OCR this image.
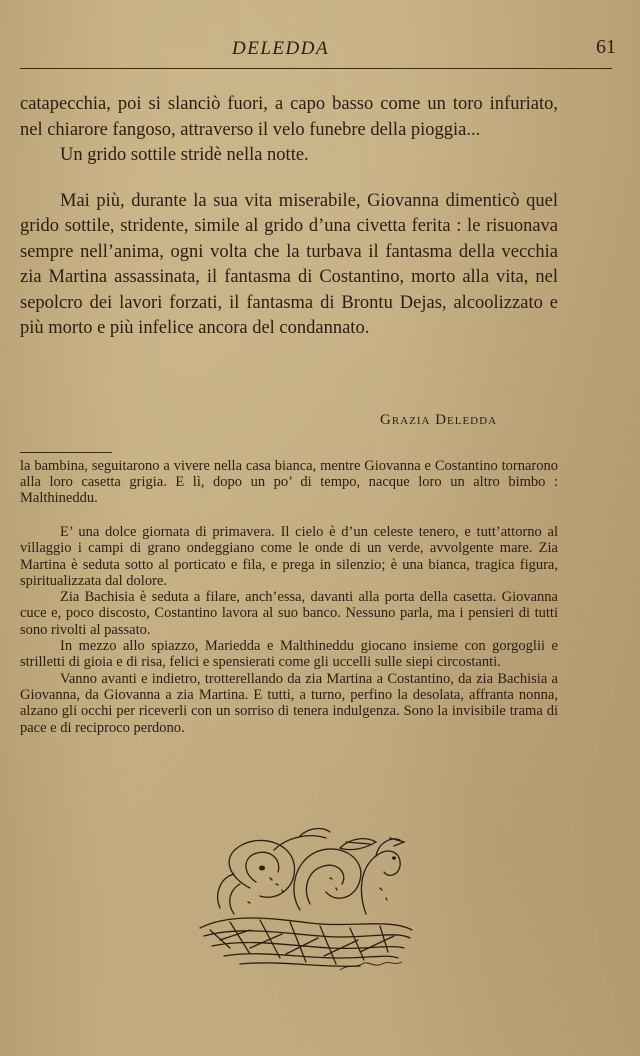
DELEDDA	61

catapecchia, poi si slanciò fuori, a capo basso come un toro infuriato, nel chiarore fangoso, attraverso il velo funebre della pioggia...

Un grido sottile stridè nella notte.

Mai più, durante la sua vita miserabile, Giovanna dimenticò quel grido sottile, stridente, simile al grido d’una civetta ferita : le risuonava sempre nell’anima, ogni volta che la turbava il fantasma della vecchia zia Martina assassinata, il fantasma di Costantino, morto alla vita, nel sepolcro dei lavori forzati, il fantasma di Brontu Dejas, alcoolizzato e più morto e più infelice ancora del condannato.

Grazia Deledda

la bambina, seguitarono a vivere nella casa bianca, mentre Giovanna e Costantino tornarono alla loro casetta grigia. E lì, dopo un po’ di tempo, nacque loro un altro bimbo : Malthineddu.

E’ una dolce giornata di primavera. Il cielo è d’un celeste tenero, e tutt’attorno al villaggio i campi di grano ondeggiano come le onde di un verde, avvolgente mare. Zia Martina è seduta sotto al porticato e fila, e prega in silenzio; è una bianca, tragica figura, spiritualizzata dal dolore.

Zia Bachisia è seduta a filare, anch’essa, davanti alla porta della casetta. Giovanna cuce e, poco discosto, Costantino lavora al suo banco. Nessuno parla, ma i pensieri di tutti sono rivolti al passato.

In mezzo allo spiazzo, Mariedda e Malthineddu giocano insieme con gorgoglii e strilletti di gioia e di risa, felici e spensierati come gli uccelli sulle siepi circostanti.

Vanno avanti e indietro, trotterellando da zia Martina a Costantino, da zia Bachisia a Giovanna, da Giovanna a zia Martina. E tutti, a turno, perfino la desolata, affranta nonna, alzano gli occhi per riceverli con un sorriso di tenera indulgenza. Sono la invisibile trama di pace e di reciproco perdono.
